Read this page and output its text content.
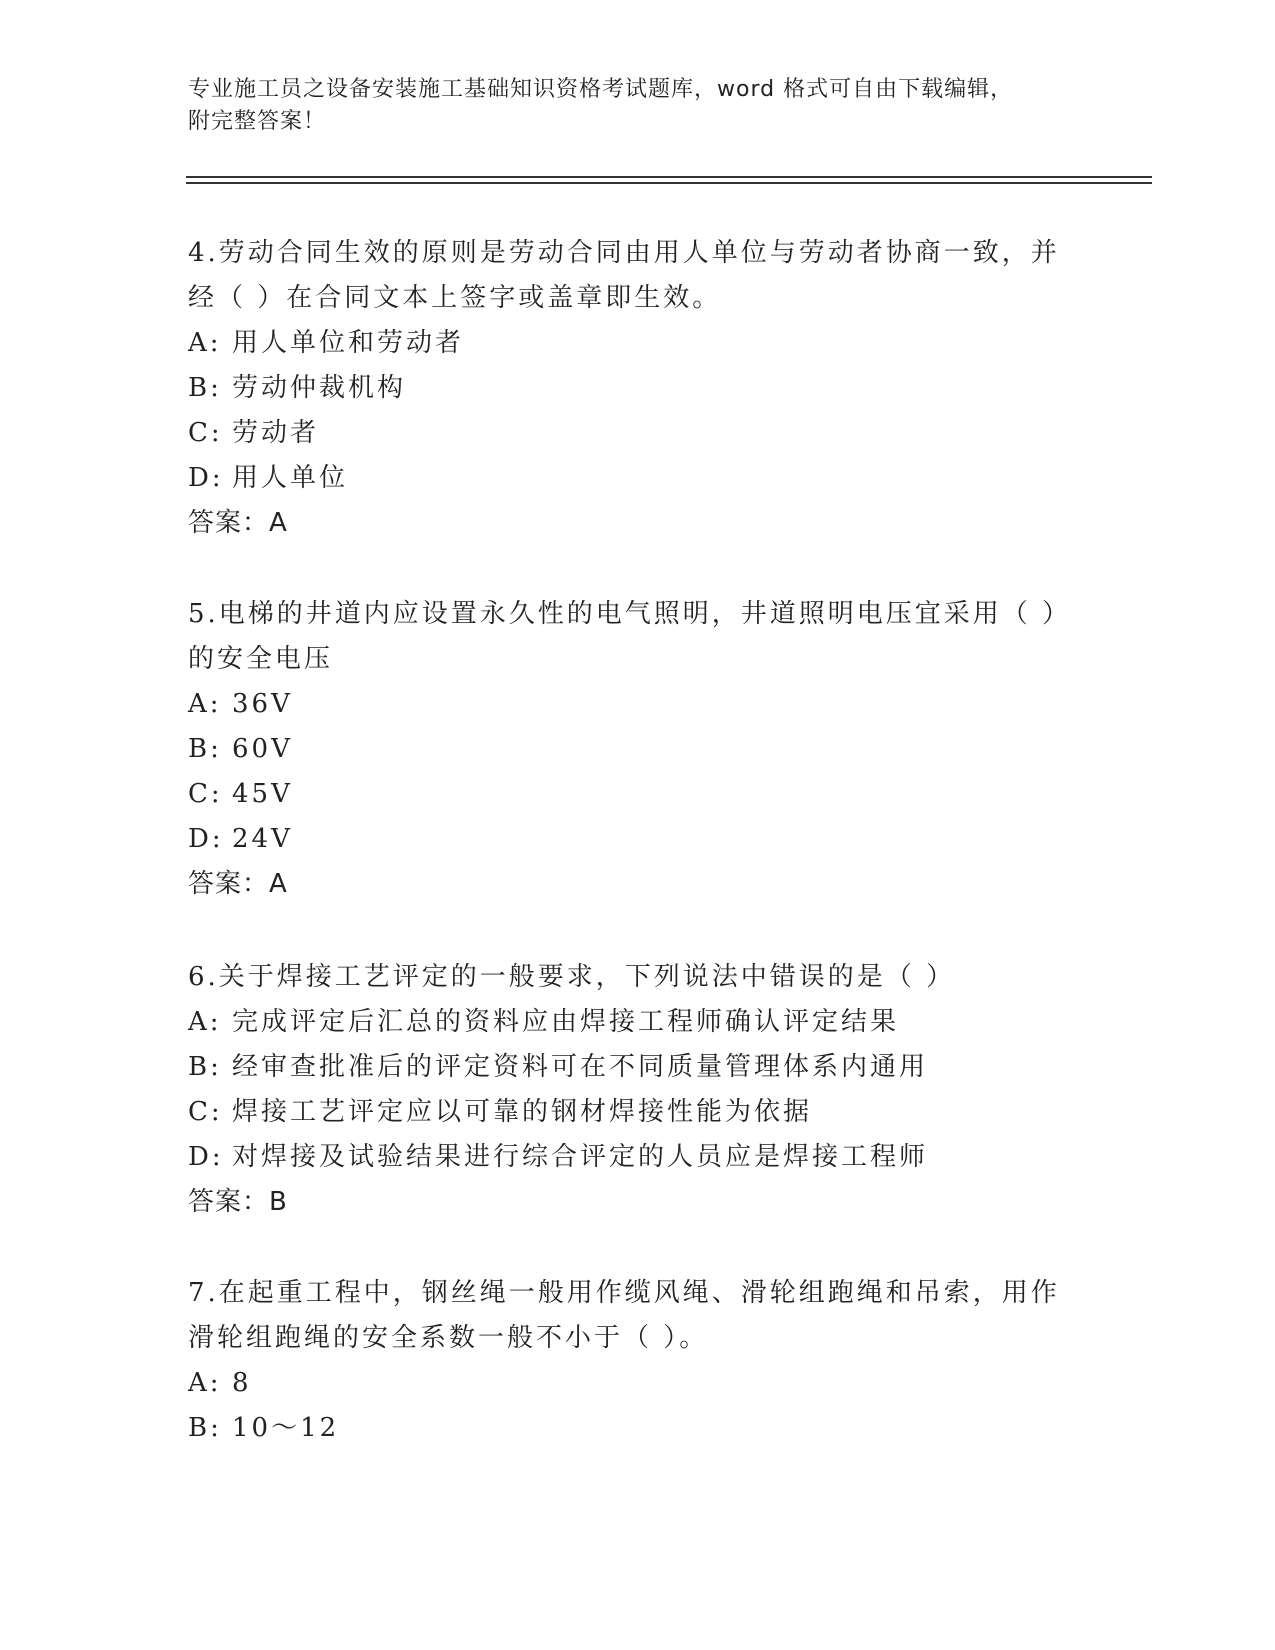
专业施工员之设备安装施工基础知识资格考试题库，word 格式可自由下载编辑，
附完整答案！

4.劳动合同生效的原则是劳动合同由用人单位与劳动者协商一致，并

经（ ）在合同文本上签字或盖章即生效。

A: 用人单位和劳动者

B: 劳动仲裁机构

C: 劳动者

D: 用人单位

答案：A

5.电梯的井道内应设置永久性的电气照明，井道照明电压宜采用（ ）

的安全电压

A: 36V

B: 60V

C: 45V

D: 24V

答案：A

6.关于焊接工艺评定的一般要求，下列说法中错误的是（ ）

A: 完成评定后汇总的资料应由焊接工程师确认评定结果

B: 经审查批准后的评定资料可在不同质量管理体系内通用

C: 焊接工艺评定应以可靠的钢材焊接性能为依据

D: 对焊接及试验结果进行综合评定的人员应是焊接工程师

答案：B

7.在起重工程中，钢丝绳一般用作缆风绳、滑轮组跑绳和吊索，用作

滑轮组跑绳的安全系数一般不小于（ ）。

A: 8

B: 10～12
